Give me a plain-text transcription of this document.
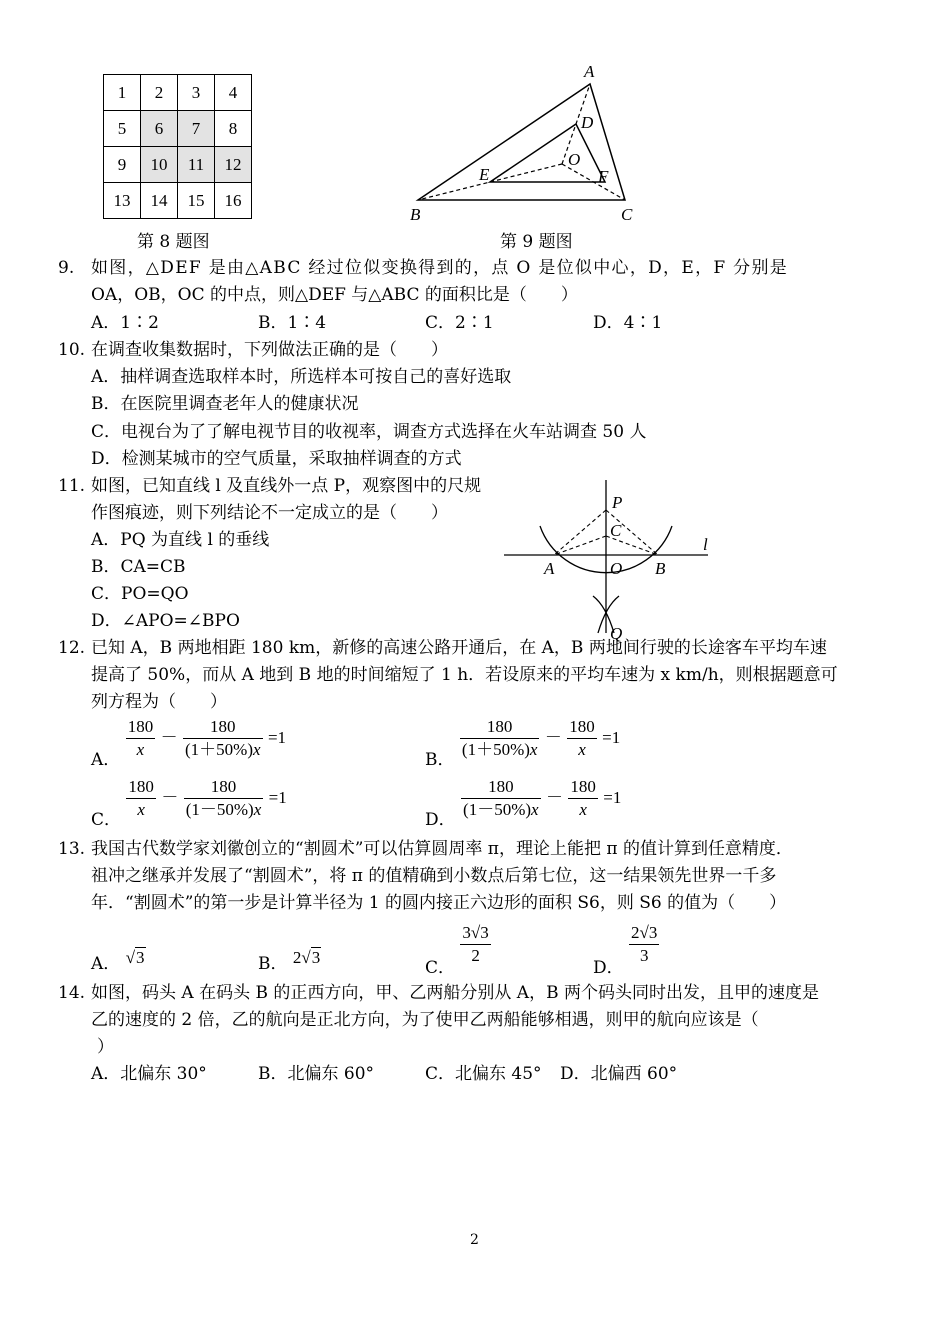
1	2	3	4
5	6	7	8
9	10	11	12
13	14	15	16
第 8 题图
A
D
O
E	F
B	C
第 9 题图
9. 如图，△DEF 是由△ABC 经过位似变换得到的，点 O 是位似中心，D，E，F 分别是
OA，OB，OC 的中点，则△DEF 与△ABC 的面积比是（　　）
A．1∶2	B．1∶4	C．2∶1	D．4∶1
10. 在调查收集数据时，下列做法正确的是（　　）
A．抽样调查选取样本时，所选样本可按自己的喜好选取
B．在医院里调查老年人的健康状况
C．电视台为了了解电视节目的收视率，调查方式选择在火车站调查 50 人
D．检测某城市的空气质量，采取抽样调查的方式
11. 如图，已知直线 l 及直线外一点 P，观察图中的尺规
作图痕迹，则下列结论不一定成立的是（　　）
A．PQ 为直线 l 的垂线
B．CA=CB
C．PO=QO
D．∠APO=∠BPO
P
C
l
A	O B
Q
12. 已知 A，B 两地相距 180 km，新修的高速公路开通后，在 A，B 两地间行驶的长途客车平均车速
提高了 50%，而从 A 地到 B 地的时间缩短了 1 h．若设原来的平均车速为 x km/h，则根据题意可
列方程为（　　）
A． $\frac{180}{x} - \frac{180}{(1+50\%)x} =1$
B． $\frac{180}{(1+50\%)x} - \frac{180}{x} =1$
C． $\frac{180}{x} - \frac{180}{(1-50\%)x} =1$
D． $\frac{180}{(1-50\%)x} - \frac{180}{x} =1$
13. 我国古代数学家刘徽创立的“割圆术”可以估算圆周率 π，理论上能把 π 的值计算到任意精度．
祖冲之继承并发展了“割圆术”，将 π 的值精确到小数点后第七位，这一结果领先世界一千多
年．“割圆术”的第一步是计算半径为 1 的圆内接正六边形的面积 S6，则 S6 的值为（　　）
A． √3	B． 2√3
C．
$\frac{3√3}{2}$
D．
$\frac{2√3}{3}$
14. 如图，码头 A 在码头 B 的正西方向，甲、乙两船分别从 A，B 两个码头同时出发，且甲的速度是
乙的速度的 2 倍，乙的航向是正北方向，为了使甲乙两船能够相遇，则甲的航向应该是（
）
A．北偏东 30°	B．北偏东 60°	C．北偏东 45° D．北偏西 60°
2
